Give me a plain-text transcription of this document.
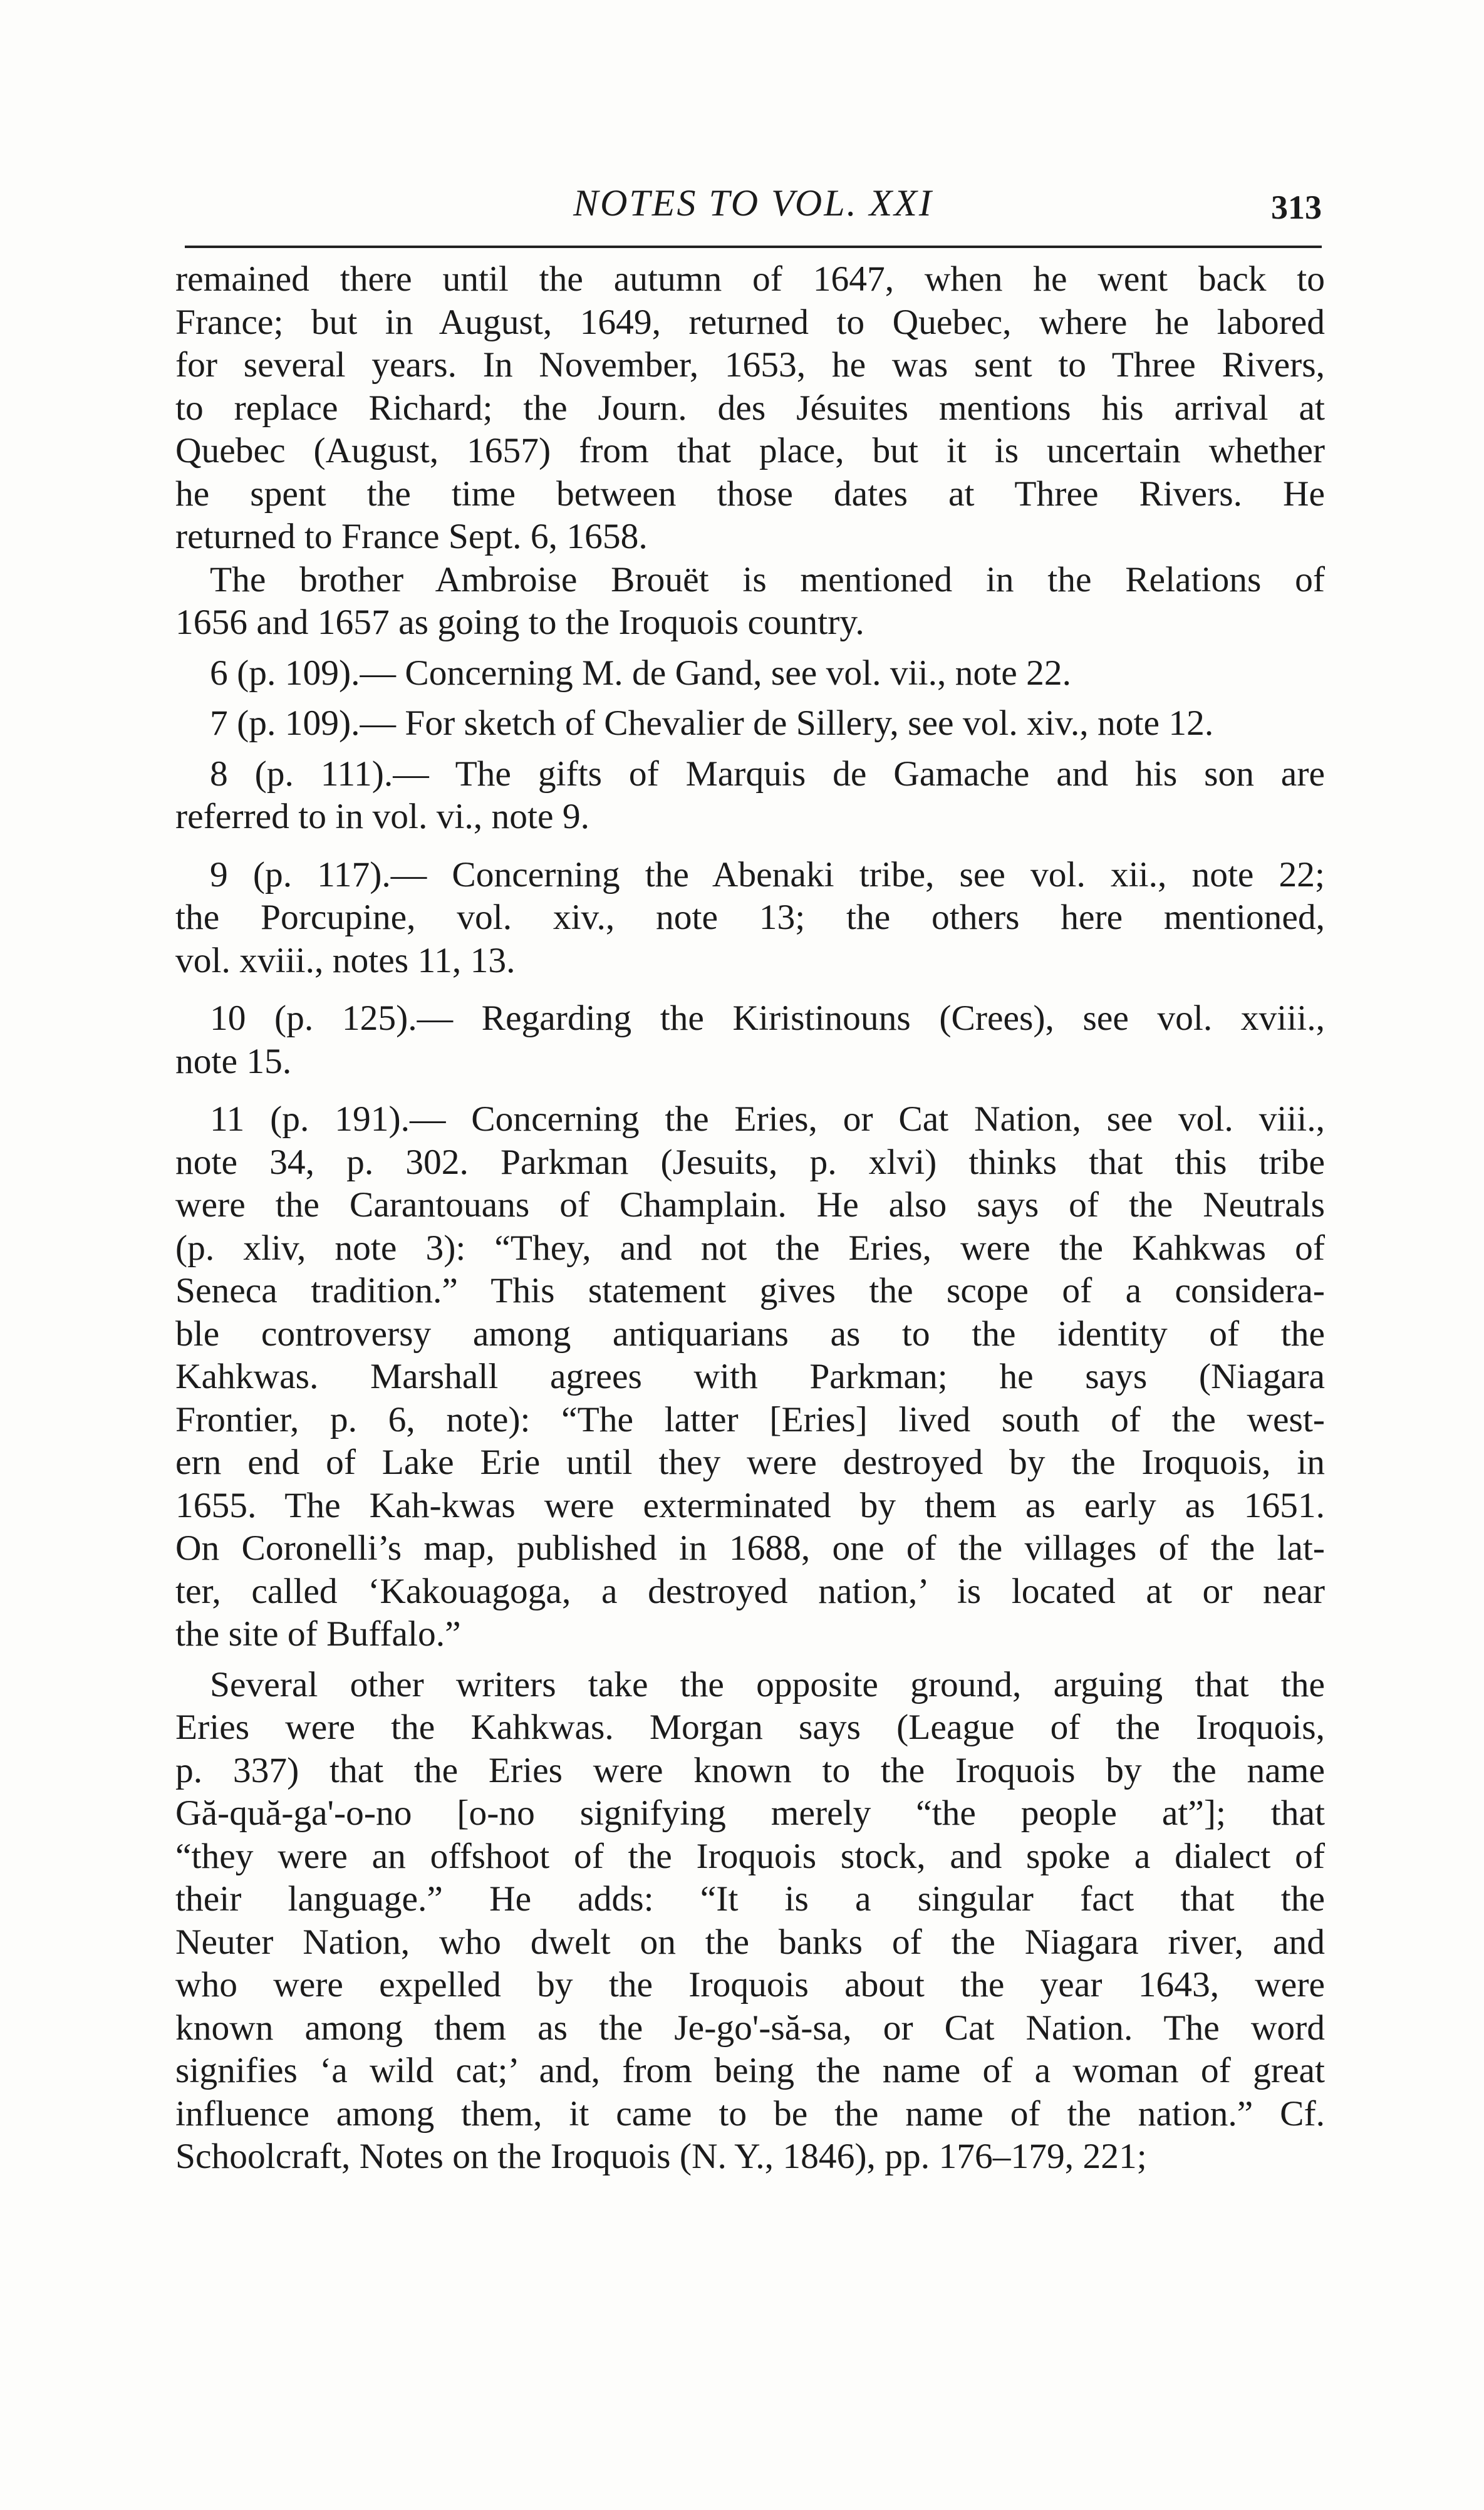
NOTES TO VOL. XXI	313

remained there until the autumn of 1647, when he went back to
France; but in August, 1649, returned to Quebec, where he labored
for several years. In November, 1653, he was sent to Three Rivers,
to replace Richard; the Journ. des Jésuites mentions his arrival at
Quebec (August, 1657) from that place, but it is uncertain whether
he spent the time between those dates at Three Rivers. He
returned to France Sept. 6, 1658.

The brother Ambroise Brouët is mentioned in the Relations of
1656 and 1657 as going to the Iroquois country.

6 (p. 109).— Concerning M. de Gand, see vol. vii., note 22.

7 (p. 109).— For sketch of Chevalier de Sillery, see vol. xiv., note 12.

8 (p. 111).— The gifts of Marquis de Gamache and his son are
referred to in vol. vi., note 9.

9 (p. 117).— Concerning the Abenaki tribe, see vol. xii., note 22;
the Porcupine, vol. xiv., note 13; the others here mentioned,
vol. xviii., notes 11, 13.

10 (p. 125).— Regarding the Kiristinouns (Crees), see vol. xviii.,
note 15.

11 (p. 191).— Concerning the Eries, or Cat Nation, see vol. viii.,
note 34, p. 302. Parkman (Jesuits, p. xlvi) thinks that this tribe
were the Carantouans of Champlain. He also says of the Neutrals
(p. xliv, note 3): “They, and not the Eries, were the Kahkwas of
Seneca tradition.” This statement gives the scope of a considera-
ble controversy among antiquarians as to the identity of the
Kahkwas. Marshall agrees with Parkman; he says (Niagara
Frontier, p. 6, note): “The latter [Eries] lived south of the west-
ern end of Lake Erie until they were destroyed by the Iroquois, in
1655. The Kah-kwas were exterminated by them as early as 1651.
On Coronelli’s map, published in 1688, one of the villages of the lat-
ter, called ‘Kakouagoga, a destroyed nation,’ is located at or near
the site of Buffalo.”

Several other writers take the opposite ground, arguing that the
Eries were the Kahkwas. Morgan says (League of the Iroquois,
p. 337) that the Eries were known to the Iroquois by the name
Gă-quă-ga'-o-no [o-no signifying merely “the people at”]; that
“they were an offshoot of the Iroquois stock, and spoke a dialect of
their language.” He adds: “It is a singular fact that the
Neuter Nation, who dwelt on the banks of the Niagara river, and
who were expelled by the Iroquois about the year 1643, were
known among them as the Je-go'-să-sa, or Cat Nation. The word
signifies ‘a wild cat;’ and, from being the name of a woman of great
influence among them, it came to be the name of the nation.” Cf.
Schoolcraft, Notes on the Iroquois (N. Y., 1846), pp. 176–179, 221;
